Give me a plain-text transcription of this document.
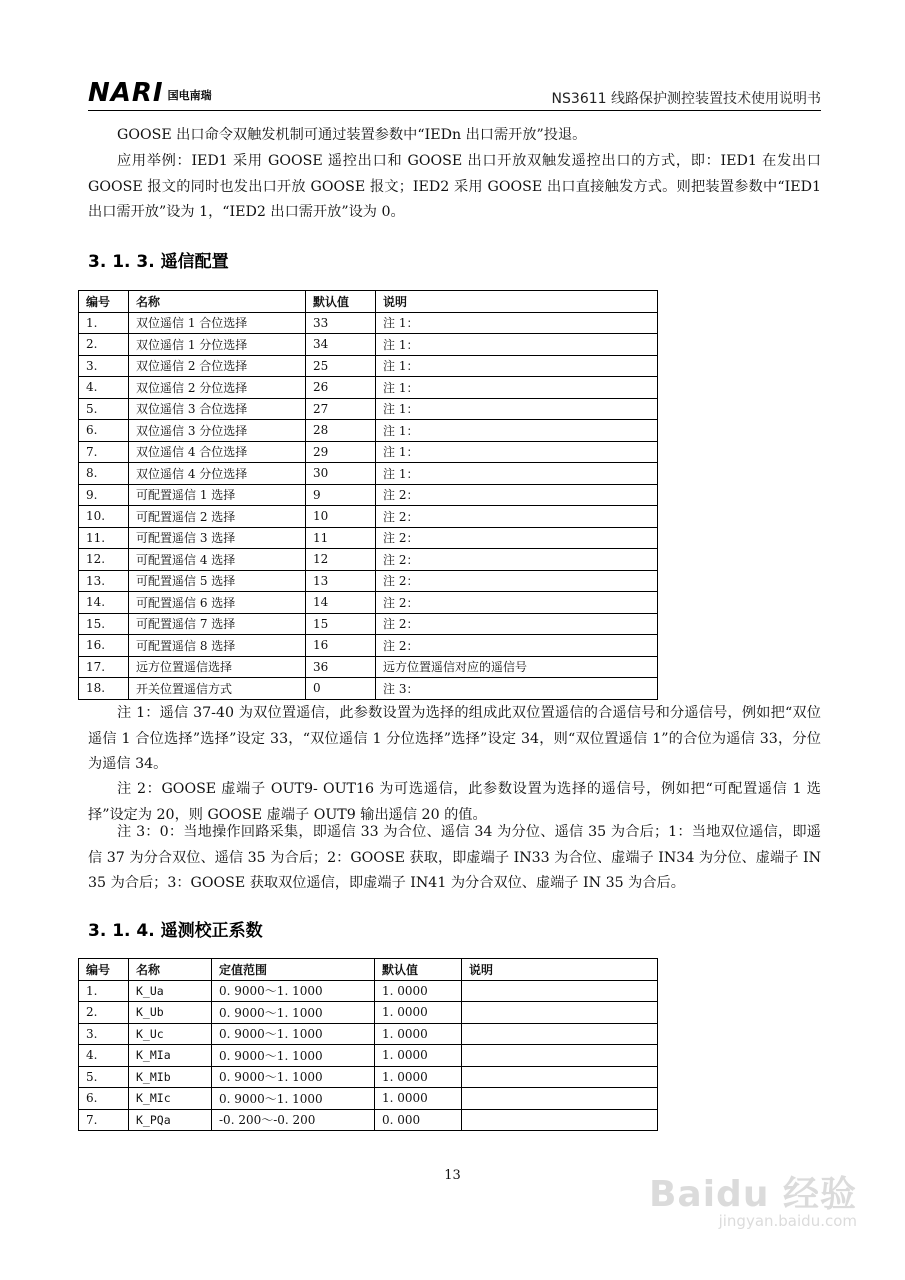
NARI 国电南瑞	NS3611 线路保护测控装置技术使用说明书

GOOSE 出口命令双触发机制可通过装置参数中“IEDn 出口需开放”投退。

应用举例：IED1 采用 GOOSE 遥控出口和 GOOSE 出口开放双触发遥控出口的方式，即：IED1 在发出口 GOOSE 报文的同时也发出口开放 GOOSE 报文；IED2 采用 GOOSE 出口直接触发方式。则把装置参数中“IED1 出口需开放”设为 1，“IED2 出口需开放”设为 0。

3. 1. 3. 遥信配置
编号	名称	默认值	说明
1.	双位遥信 1 合位选择	33	注 1：
2.	双位遥信 1 分位选择	34	注 1：
3.	双位遥信 2 合位选择	25	注 1：
4.	双位遥信 2 分位选择	26	注 1：
5.	双位遥信 3 合位选择	27	注 1：
6.	双位遥信 3 分位选择	28	注 1：
7.	双位遥信 4 合位选择	29	注 1：
8.	双位遥信 4 分位选择	30	注 1：
9.	可配置遥信 1 选择	9	注 2：
10.	可配置遥信 2 选择	10	注 2：
11.	可配置遥信 3 选择	11	注 2：
12.	可配置遥信 4 选择	12	注 2：
13.	可配置遥信 5 选择	13	注 2：
14.	可配置遥信 6 选择	14	注 2：
15.	可配置遥信 7 选择	15	注 2：
16.	可配置遥信 8 选择	16	注 2：
17.	远方位置遥信选择	36	远方位置遥信对应的遥信号
18.	开关位置遥信方式	0	注 3：

注 1：遥信 37-40 为双位置遥信，此参数设置为选择的组成此双位置遥信的合遥信号和分遥信号，例如把“双位遥信 1 合位选择”选择”设定 33，“双位遥信 1 分位选择”选择”设定 34，则“双位置遥信 1”的合位为遥信 33，分位为遥信 34。

注 2：GOOSE 虚端子 OUT9- OUT16 为可选遥信，此参数设置为选择的遥信号，例如把“可配置遥信 1 选择”设定为 20，则 GOOSE 虚端子 OUT9 输出遥信 20 的值。

注 3：0：当地操作回路采集，即遥信 33 为合位、遥信 34 为分位、遥信 35 为合后；1：当地双位遥信，即遥信 37 为分合双位、遥信 35 为合后；2：GOOSE 获取，即虚端子 IN33 为合位、虚端子 IN34 为分位、虚端子 IN 35 为合后；3：GOOSE 获取双位遥信，即虚端子 IN41 为分合双位、虚端子 IN 35 为合后。

3. 1. 4. 遥测校正系数
编号	名称	定值范围	默认值	说明
1.	K_Ua	0. 9000～1. 1000	1. 0000	
2.	K_Ub	0. 9000～1. 1000	1. 0000	
3.	K_Uc	0. 9000～1. 1000	1. 0000	
4.	K_MIa	0. 9000～1. 1000	1. 0000	
5.	K_MIb	0. 9000～1. 1000	1. 0000	
6.	K_MIc	0. 9000～1. 1000	1. 0000	
7.	K_PQa	-0. 200～-0. 200	0. 000	
13	Baidu 经验
jingyan.baidu.com
